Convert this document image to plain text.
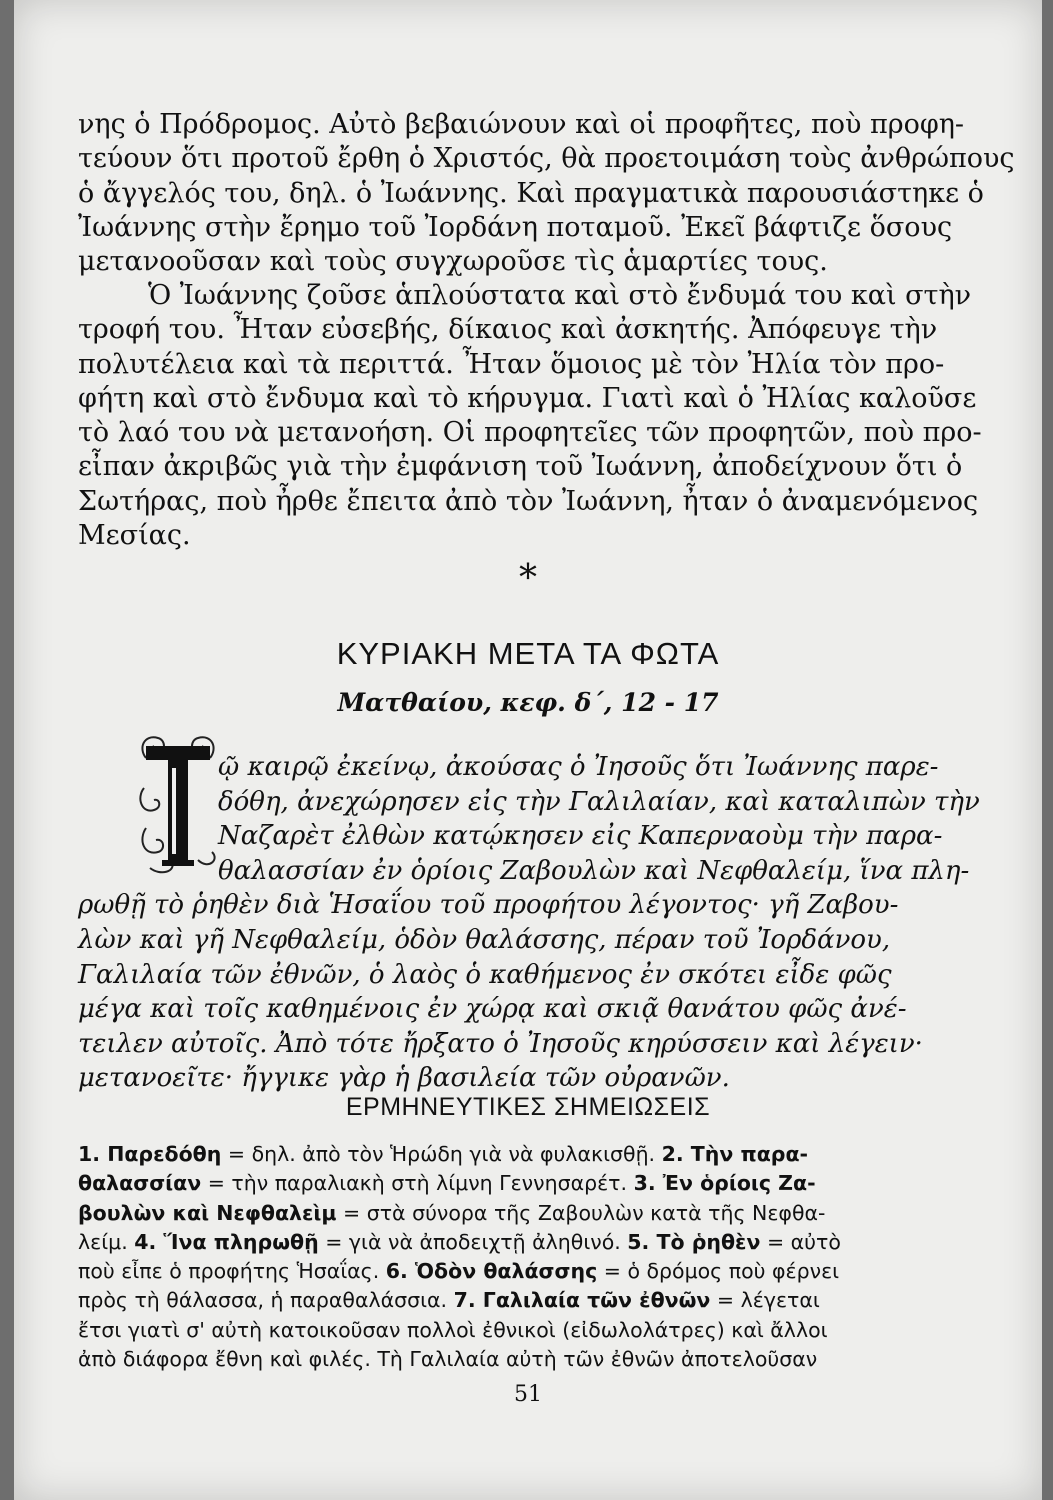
νης ὁ Πρόδρομος. Αὐτὸ βεβαιώνουν καὶ οἱ προφῆτες, ποὺ προφη-
τεύουν ὅτι προτοῦ ἔρθη ὁ Χριστός, θὰ προετοιμάση τοὺς ἀνθρώπους
ὁ ἄγγελός του, δηλ. ὁ Ἰωάννης. Καὶ πραγματικὰ παρουσιάστηκε ὁ
Ἰωάννης στὴν ἔρημο τοῦ Ἰορδάνη ποταμοῦ. Ἐκεῖ βάφτιζε ὅσους
μετανοοῦσαν καὶ τοὺς συγχωροῦσε τὶς ἁμαρτίες τους.
Ὁ Ἰωάννης ζοῦσε ἁπλούστατα καὶ στὸ ἔνδυμά του καὶ στὴν
τροφή του. Ἦταν εὐσεβής, δίκαιος καὶ ἀσκητής. Ἀπόφευγε τὴν
πολυτέλεια καὶ τὰ περιττά. Ἦταν ὅμοιος μὲ τὸν Ἠλία τὸν προ-
φήτη καὶ στὸ ἔνδυμα καὶ τὸ κήρυγμα. Γιατὶ καὶ ὁ Ἠλίας καλοῦσε
τὸ λαό του νὰ μετανοήση. Οἱ προφητεῖες τῶν προφητῶν, ποὺ προ-
εἶπαν ἀκριβῶς γιὰ τὴν ἐμφάνιση τοῦ Ἰωάννη, ἀποδείχνουν ὅτι ὁ
Σωτήρας, ποὺ ἦρθε ἔπειτα ἀπὸ τὸν Ἰωάννη, ἦταν ὁ ἀναμενόμενος
Μεσίας.
*
ΚΥΡΙΑΚΗ ΜΕΤΑ ΤΑ ΦΩΤΑ
Ματθαίου, κεφ. δ΄, 12 - 17
T
ῷ καιρῷ ἐκείνῳ, ἀκούσας ὁ Ἰησοῦς ὅτι Ἰωάννης παρε-
δόθη, ἀνεχώρησεν εἰς τὴν Γαλιλαίαν, καὶ καταλιπὼν τὴν
Ναζαρὲτ ἐλθὼν κατῴκησεν εἰς Καπερναοὺμ τὴν παρα-
θαλασσίαν ἐν ὁρίοις Ζαβουλὼν καὶ Νεφθαλείμ, ἵνα πλη-
ρωθῇ τὸ ῥηθὲν διὰ Ἡσαΐου τοῦ προφήτου λέγοντος· γῆ Ζαβου-
λὼν καὶ γῆ Νεφθαλείμ, ὁδὸν θαλάσσης, πέραν τοῦ Ἰορδάνου,
Γαλιλαία τῶν ἐθνῶν, ὁ λαὸς ὁ καθήμενος ἐν σκότει εἶδε φῶς
μέγα καὶ τοῖς καθημένοις ἐν χώρᾳ καὶ σκιᾷ θανάτου φῶς ἀνέ-
τειλεν αὐτοῖς. Ἀπὸ τότε ἤρξατο ὁ Ἰησοῦς κηρύσσειν καὶ λέγειν·
μετανοεῖτε· ἤγγικε γὰρ ἡ βασιλεία τῶν οὐρανῶν.
ΕΡΜΗΝΕΥΤΙΚΕΣ ΣΗΜΕΙΩΣΕΙΣ
1. Παρεδόθη = δηλ. ἀπὸ τὸν Ἡρώδη γιὰ νὰ φυλακισθῇ. 2. Τὴν παρα-
θαλασσίαν = τὴν παραλιακὴ στὴ λίμνη Γεννησαρέτ. 3. Ἐν ὁρίοις Ζα-
βουλὼν καὶ Νεφθαλεὶμ = στὰ σύνορα τῆς Ζαβουλὼν κατὰ τῆς Νεφθα-
λείμ. 4. Ἵνα πληρωθῇ = γιὰ νὰ ἀποδειχτῇ ἀληθινό. 5. Τὸ ῥηθὲν = αὐτὸ
ποὺ εἶπε ὁ προφήτης Ἡσαΐας. 6. Ὁδὸν θαλάσσης = ὁ δρόμος ποὺ φέρνει
πρὸς τὴ θάλασσα, ἡ παραθαλάσσια. 7. Γαλιλαία τῶν ἐθνῶν = λέγεται
ἔτσι γιατὶ σ' αὐτὴ κατοικοῦσαν πολλοὶ ἐθνικοὶ (εἰδωλολάτρες) καὶ ἄλλοι
ἀπὸ διάφορα ἔθνη καὶ φιλές. Τὴ Γαλιλαία αὐτὴ τῶν ἐθνῶν ἀποτελοῦσαν
51
